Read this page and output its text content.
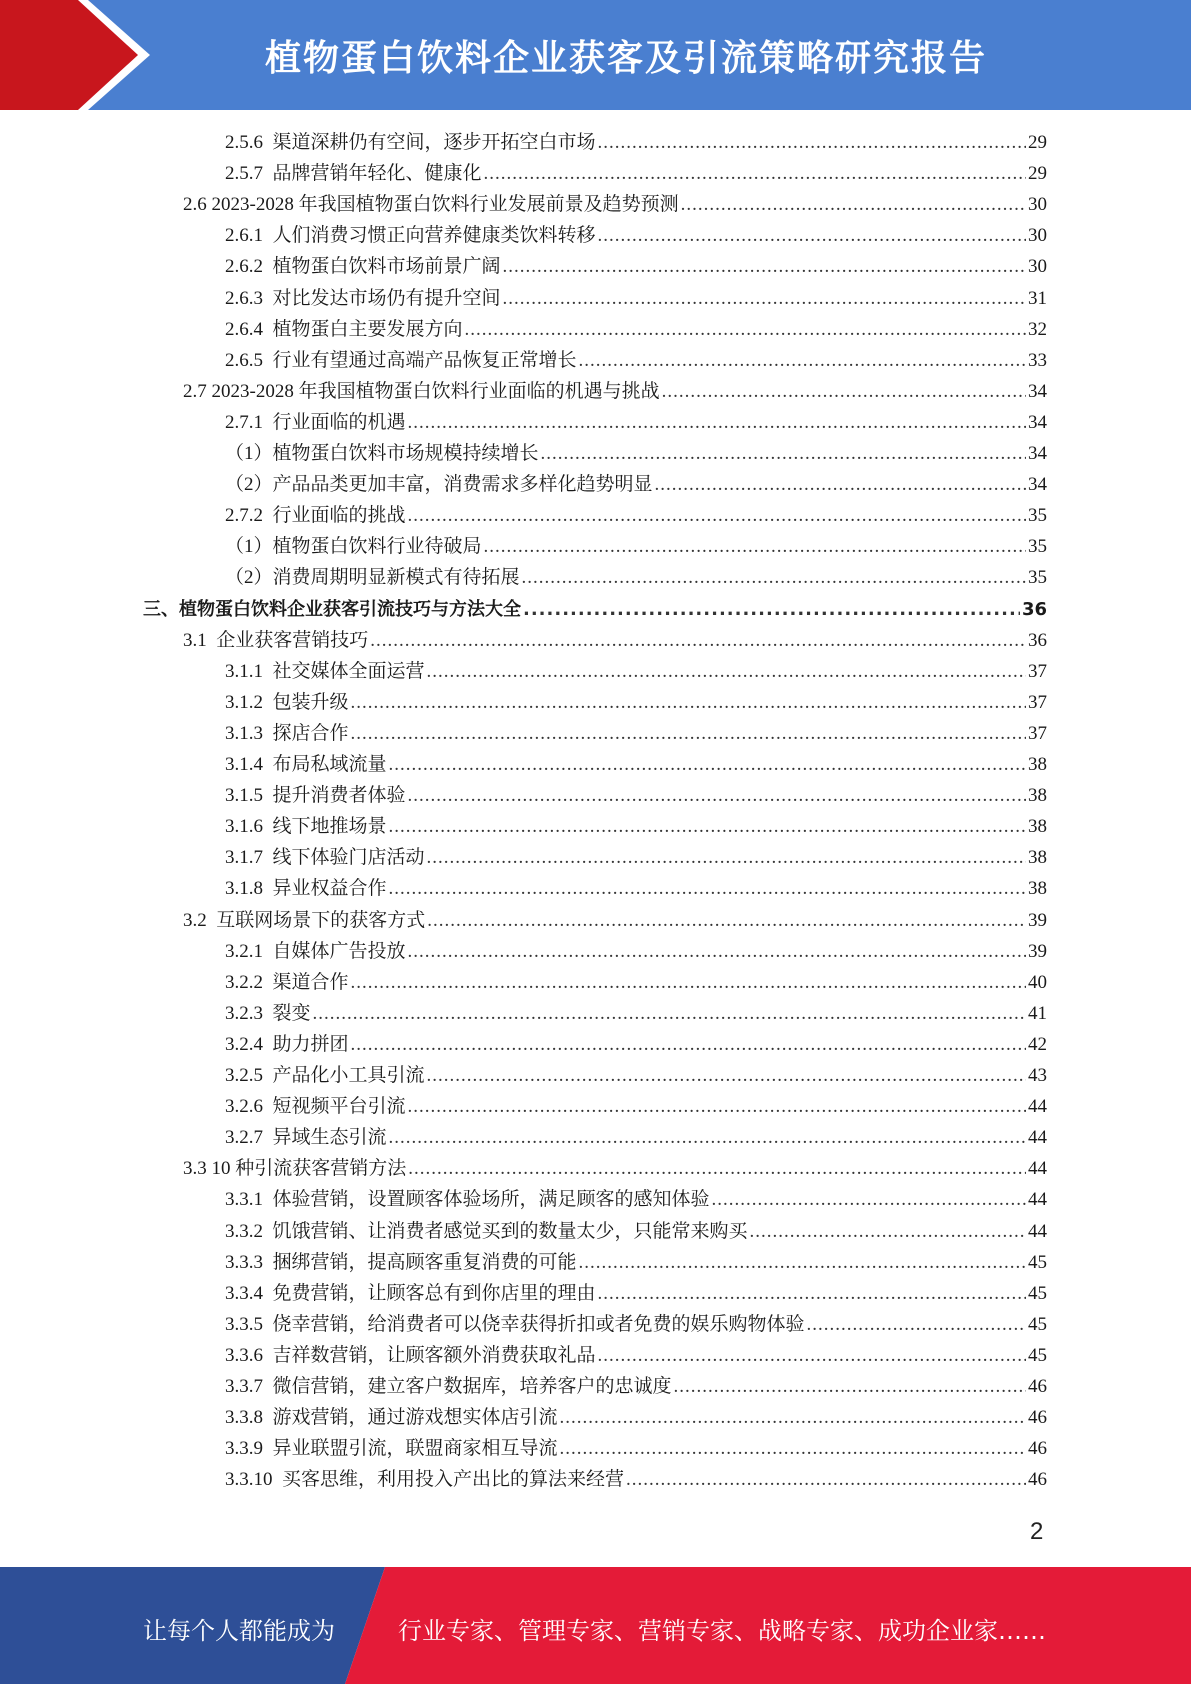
植物蛋白饮料企业获客及引流策略研究报告
2.5.6 渠道深耕仍有空间，逐步开拓空白市场 .....	29
2.5.7 品牌营销年轻化、健康化 .....	29
2.6 2023-2028 年我国植物蛋白饮料行业发展前景及趋势预测 .....	30
2.6.1 人们消费习惯正向营养健康类饮料转移 .....	30
2.6.2 植物蛋白饮料市场前景广阔 .....	30
2.6.3 对比发达市场仍有提升空间 .....	31
2.6.4 植物蛋白主要发展方向 .....	32
2.6.5 行业有望通过高端产品恢复正常增长 .....	33
2.7 2023-2028 年我国植物蛋白饮料行业面临的机遇与挑战 .....	34
2.7.1 行业面临的机遇 .....	34
（1） 植物蛋白饮料市场规模持续增长 .....	34
（2） 产品品类更加丰富，消费需求多样化趋势明显 .....	34
2.7.2 行业面临的挑战 .....	35
（1） 植物蛋白饮料行业待破局 .....	35
（2） 消费周期明显新模式有待拓展 .....	35
三、 植物蛋白饮料企业获客引流技巧与方法大全 .....	36
3.1 企业获客营销技巧 .....	36
3.1.1 社交媒体全面运营 .....	37
3.1.2 包装升级 .....	37
3.1.3 探店合作 .....	37
3.1.4 布局私域流量 .....	38
3.1.5 提升消费者体验 .....	38
3.1.6 线下地推场景 .....	38
3.1.7 线下体验门店活动 .....	38
3.1.8 异业权益合作 .....	38
3.2 互联网场景下的获客方式 .....	39
3.2.1 自媒体广告投放 .....	39
3.2.2 渠道合作 .....	40
3.2.3 裂变 .....	41
3.2.4 助力拼团 .....	42
3.2.5 产品化小工具引流 .....	43
3.2.6 短视频平台引流 .....	44
3.2.7 异域生态引流 .....	44
3.3 10 种引流获客营销方法 .....	44
3.3.1 体验营销，设置顾客体验场所，满足顾客的感知体验 .....	44
3.3.2 饥饿营销、让消费者感觉买到的数量太少，只能常来购买 .....	44
3.3.3 捆绑营销，提高顾客重复消费的可能 .....	45
3.3.4 免费营销，让顾客总有到你店里的理由 .....	45
3.3.5 侥幸营销，给消费者可以侥幸获得折扣或者免费的娱乐购物体验 .....	45
3.3.6 吉祥数营销，让顾客额外消费获取礼品 .....	45
3.3.7 微信营销，建立客户数据库，培养客户的忠诚度 .....	46
3.3.8 游戏营销，通过游戏想实体店引流 .....	46
3.3.9 异业联盟引流，联盟商家相互导流 .....	46
3.3.10 买客思维，利用投入产出比的算法来经营 .....	46
2
让每个人都能成为	行业专家、管理专家、营销专家、战略专家、成功企业家……
